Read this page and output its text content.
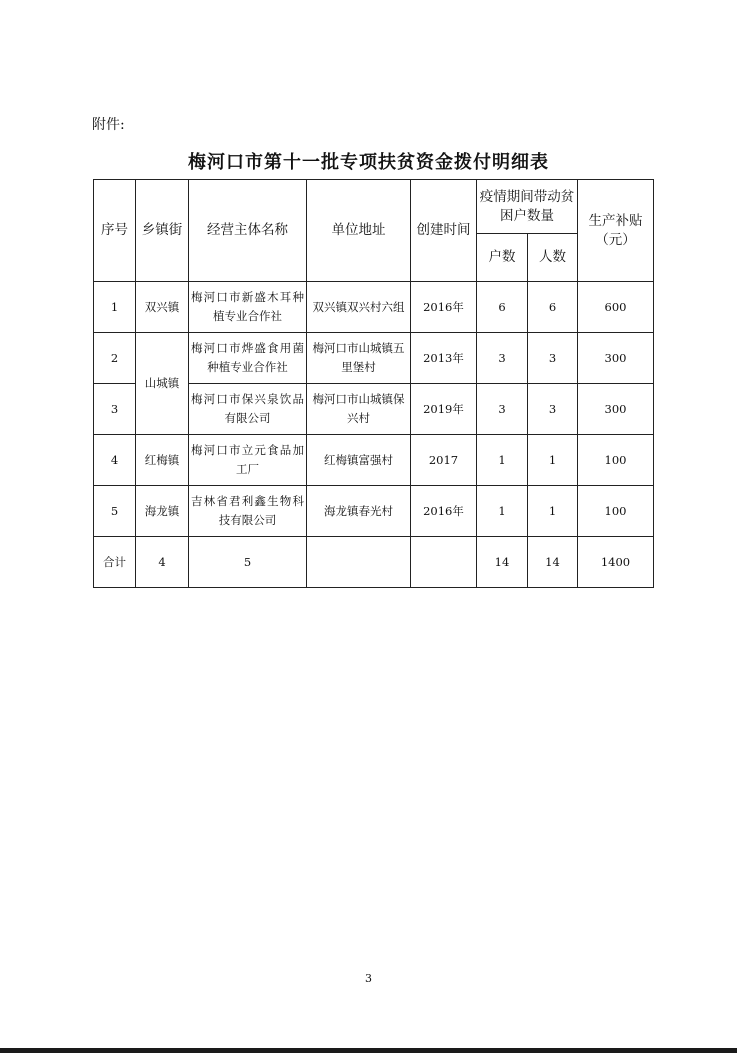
附件:
梅河口市第十一批专项扶贫资金拨付明细表
序号	乡镇街	经营主体名称	单位地址	创建时间	疫情期间带动贫困户数量		生产补贴（元）
					户数	人数	
1	双兴镇	梅河口市新盛木耳种植专业合作社	双兴镇双兴村六组	2016年	6	6	600
2	山城镇	梅河口市烨盛食用菌种植专业合作社	梅河口市山城镇五里堡村	2013年	3	3	300
3		梅河口市保兴泉饮品有限公司	梅河口市山城镇保兴村	2019年	3	3	300
4	红梅镇	梅河口市立元食品加工厂	红梅镇富强村	2017	1	1	100
5	海龙镇	吉林省君利鑫生物科技有限公司	海龙镇春光村	2016年	1	1	100
合计	4	5			14	14	1400
3
